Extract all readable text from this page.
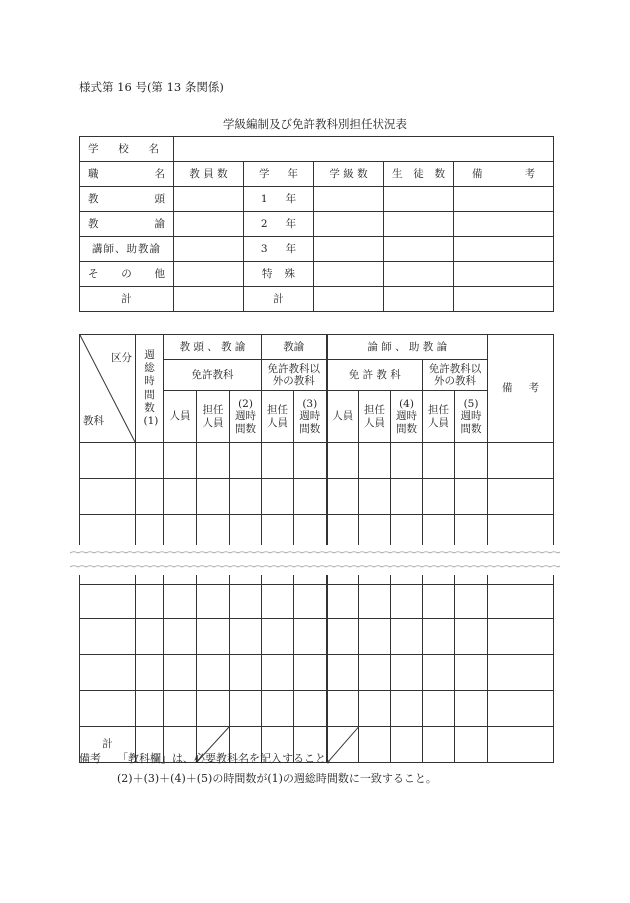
様式第 16 号(第 13 条関係)
学級編制及び免許教科別担任状況表
学 校 名					

職 名	教 員 数	学 年	学 級 数	生 徒 数	備 考

教 頭		1 年			

教 諭		2 年			

講師、助教諭		3 年			

そ の 他		特 殊			

計		計			
区分
教科	週総時間数(1)	教 頭 、 教 諭			教諭		論 師 、 助 教 論					備 考

		免許教科			免許教科以外の教科		免 許 教 科			免許教科以外の教科		
		人員	担任人員	(2) 週時 間数	担任人員	(3) 週時 間数	人員	担任人員	(4) 週時 間数	担任人員	(5) 週時 間数	

計			

備考 「教科欄」は、必要教科名を記入すること。
(2)＋(3)＋(4)＋(5)の時間数が(1)の週総時間数に一致すること。
